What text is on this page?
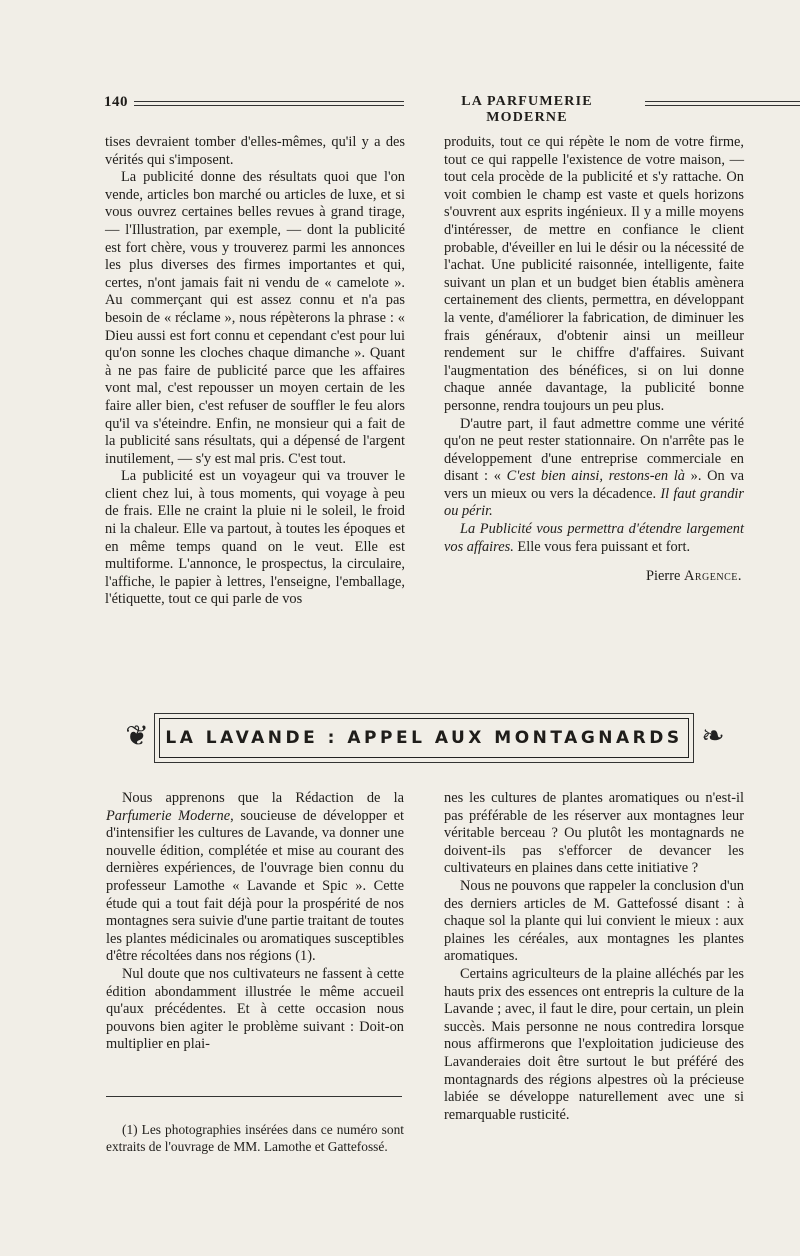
140	LA PARFUMERIE MODERNE

tises devraient tomber d'elles-mêmes, qu'il y a des vérités qui s'imposent.

La publicité donne des résultats quoi que l'on vende, articles bon marché ou articles de luxe, et si vous ouvrez certaines belles revues à grand tirage, — l'Illustration, par exemple, — dont la publicité est fort chère, vous y trouverez parmi les annonces les plus diverses des firmes importantes et qui, certes, n'ont jamais fait ni vendu de « camelote ». Au commerçant qui est assez connu et n'a pas besoin de « réclame », nous répèterons la phrase : « Dieu aussi est fort connu et cependant c'est pour lui qu'on sonne les cloches chaque dimanche ». Quant à ne pas faire de publicité parce que les affaires vont mal, c'est repousser un moyen certain de les faire aller bien, c'est refuser de souffler le feu alors qu'il va s'éteindre. Enfin, ne monsieur qui a fait de la publicité sans résultats, qui a dépensé de l'argent inutilement, — s'y est mal pris. C'est tout.

La publicité est un voyageur qui va trouver le client chez lui, à tous moments, qui voyage à peu de frais. Elle ne craint la pluie ni le soleil, le froid ni la chaleur. Elle va partout, à toutes les époques et en même temps quand on le veut. Elle est multiforme. L'annonce, le prospectus, la circulaire, l'affiche, le papier à lettres, l'enseigne, l'emballage, l'étiquette, tout ce qui parle de vos

produits, tout ce qui répète le nom de votre firme, tout ce qui rappelle l'existence de votre maison, — tout cela procède de la publicité et s'y rattache. On voit combien le champ est vaste et quels horizons s'ouvrent aux esprits ingénieux. Il y a mille moyens d'intéresser, de mettre en confiance le client probable, d'éveiller en lui le désir ou la nécessité de l'achat. Une publicité raisonnée, intelligente, faite suivant un plan et un budget bien établis amènera certainement des clients, permettra, en développant la vente, d'améliorer la fabrication, de diminuer les frais généraux, d'obtenir ainsi un meilleur rendement sur le chiffre d'affaires. Suivant l'augmentation des bénéfices, si on lui donne chaque année davantage, la publicité bonne personne, rendra toujours un peu plus.

D'autre part, il faut admettre comme une vérité qu'on ne peut rester stationnaire. On n'arrête pas le développement d'une entreprise commerciale en disant : « C'est bien ainsi, restons-en là ». On va vers un mieux ou vers la décadence. Il faut grandir ou périr.

La Publicité vous permettra d'étendre largement vos affaires. Elle vous fera puissant et fort.

Pierre Argence.

❦ LA LAVANDE : APPEL AUX MONTAGNARDS ❧

Nous apprenons que la Rédaction de la Parfumerie Moderne, soucieuse de développer et d'intensifier les cultures de Lavande, va donner une nouvelle édition, complétée et mise au courant des dernières expériences, de l'ouvrage bien connu du professeur Lamothe « Lavande et Spic ». Cette étude qui a tout fait déjà pour la prospérité de nos montagnes sera suivie d'une partie traitant de toutes les plantes médicinales ou aromatiques susceptibles d'être récoltées dans nos régions (1).

Nul doute que nos cultivateurs ne fassent à cette édition abondamment illustrée le même accueil qu'aux précédentes. Et à cette occasion nous pouvons bien agiter le problème suivant : Doit-on multiplier en plai-

nes les cultures de plantes aromatiques ou n'est-il pas préférable de les réserver aux montagnes leur véritable berceau ? Ou plutôt les montagnards ne doivent-ils pas s'efforcer de devancer les cultivateurs en plaines dans cette initiative ?

Nous ne pouvons que rappeler la conclusion d'un des derniers articles de M. Gattefossé disant : à chaque sol la plante qui lui convient le mieux : aux plaines les céréales, aux montagnes les plantes aromatiques.

Certains agriculteurs de la plaine alléchés par les hauts prix des essences ont entrepris la culture de la Lavande ; avec, il faut le dire, pour certain, un plein succès. Mais personne ne nous contredira lorsque nous affirmerons que l'exploitation judicieuse des Lavanderaies doit être surtout le but préféré des montagnards des régions alpestres où la précieuse labiée se développe naturellement avec une si remarquable rusticité.

(1) Les photographies insérées dans ce numéro sont extraits de l'ouvrage de MM. Lamothe et Gattefossé.
